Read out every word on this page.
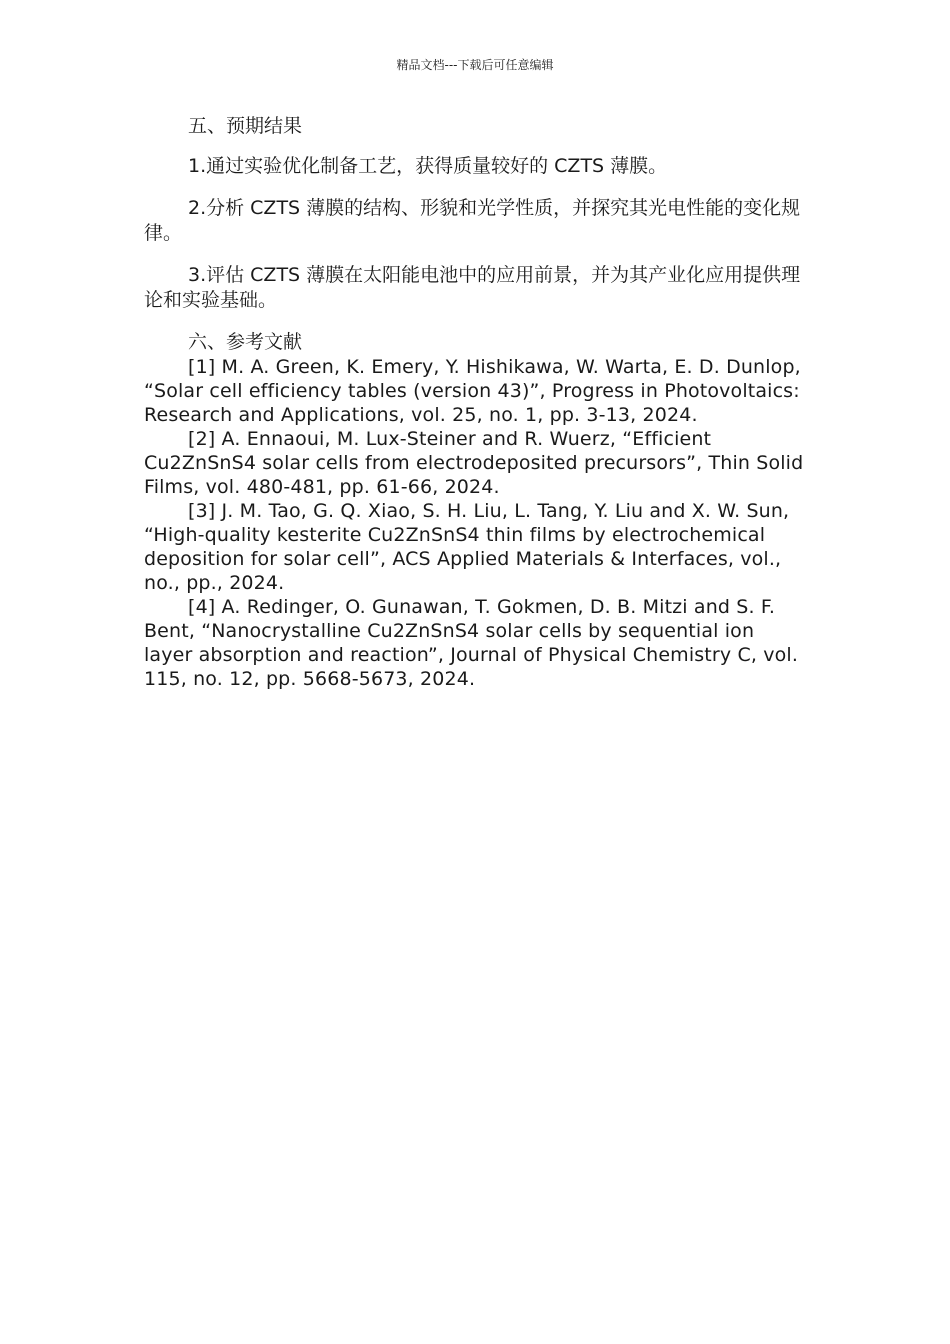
精品文档---下载后可任意编辑

五、预期结果

1.通过实验优化制备工艺，获得质量较好的 CZTS 薄膜。

2.分析 CZTS 薄膜的结构、形貌和光学性质，并探究其光电性能的变化规律。

3.评估 CZTS 薄膜在太阳能电池中的应用前景，并为其产业化应用提供理论和实验基础。

六、参考文献

[1] M. A. Green, K. Emery, Y. Hishikawa, W. Warta, E. D. Dunlop, “Solar cell efficiency tables (version 43)”, Progress in Photovoltaics: Research and Applications, vol. 25, no. 1, pp. 3-13, 2024.

[2] A. Ennaoui, M. Lux-Steiner and R. Wuerz, “Efficient Cu2ZnSnS4 solar cells from electrodeposited precursors”, Thin Solid Films, vol. 480-481, pp. 61-66, 2024.

[3] J. M. Tao, G. Q. Xiao, S. H. Liu, L. Tang, Y. Liu and X. W. Sun, “High-quality kesterite Cu2ZnSnS4 thin films by electrochemical deposition for solar cell”, ACS Applied Materials & Interfaces, vol., no., pp., 2024.

[4] A. Redinger, O. Gunawan, T. Gokmen, D. B. Mitzi and S. F. Bent, “Nanocrystalline Cu2ZnSnS4 solar cells by sequential ion layer absorption and reaction”, Journal of Physical Chemistry C, vol. 115, no. 12, pp. 5668-5673, 2024.
